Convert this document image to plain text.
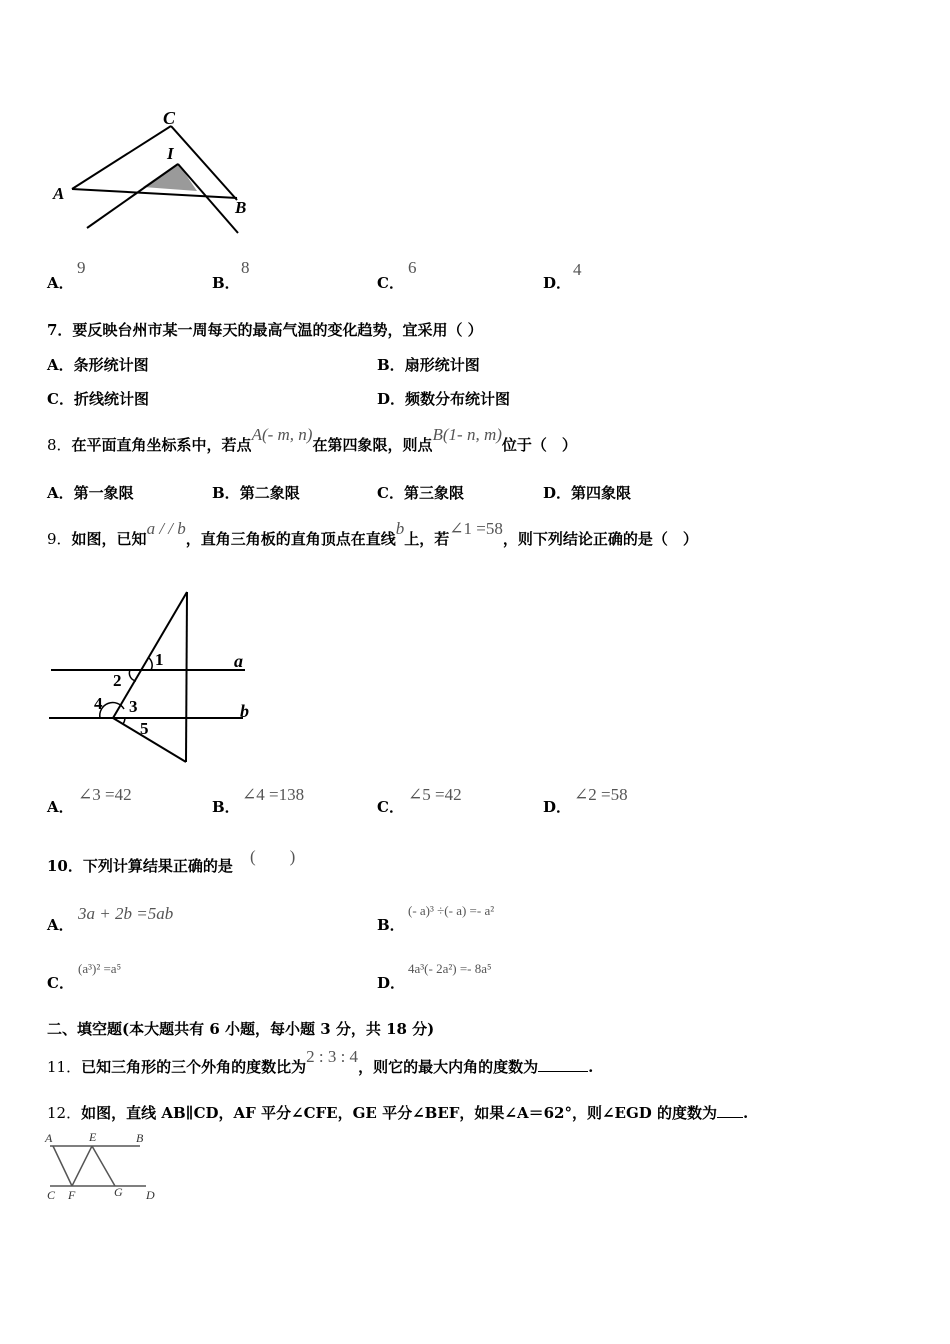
C
I
A
B
A．
9
B．
8
C．
6
D．
4
7．要反映台州市某一周每天的最高气温的变化趋势，宜采用（ ）
A．条形统计图	B．扇形统计图
C．折线统计图	D．频数分布统计图
8．在平面直角坐标系中，若点A(- m, n)在第四象限，则点B(1- n, m)位于（　）
A．第一象限	B．第二象限	C．第三象限	D．第四象限
9．如图，已知a / / b，直角三角板的直角顶点在直线b上，若∠1 =58，则下列结论正确的是（　）
1
2
a
4 3	b
5
A．
∠3 =42
B．
∠4 =138
C．
∠5 =42
D．
∠2 =58
10．下列计算结果正确的是 (　　)
A．
3a + 2b =5ab
B．
(- a)³ ÷(- a) =- a²
C．
(a³)² =a⁵
D．
4a³(- 2a²) =- 8a⁵
二、填空题(本大题共有 6 小题，每小题 3 分，共 18 分)
11．已知三角形的三个外角的度数比为2 : 3 : 4，则它的最大内角的度数为	.
12．如图，直线 AB∥CD，AF 平分∠CFE，GE 平分∠BEF，如果∠A＝62°，则∠EGD 的度数为 .
A	E	B
C F	G D
